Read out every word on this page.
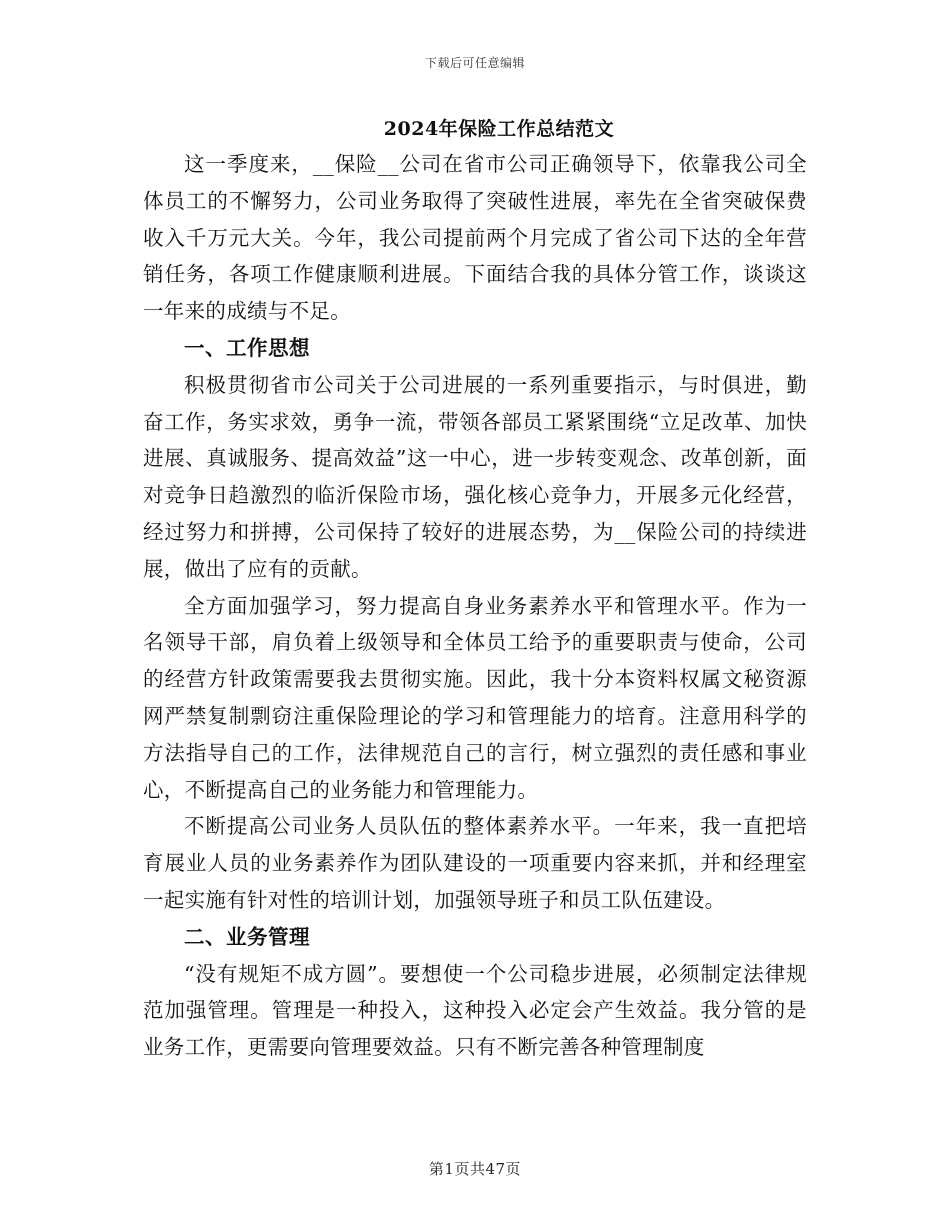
下载后可任意编辑
2024年保险工作总结范文

这一季度来，__保险__公司在省市公司正确领导下，依靠我公司全体员工的不懈努力，公司业务取得了突破性进展，率先在全省突破保费收入千万元大关。今年，我公司提前两个月完成了省公司下达的全年营销任务，各项工作健康顺利进展。下面结合我的具体分管工作，谈谈这一年来的成绩与不足。

一、工作思想

积极贯彻省市公司关于公司进展的一系列重要指示，与时俱进，勤奋工作，务实求效，勇争一流，带领各部员工紧紧围绕“立足改革、加快进展、真诚服务、提高效益”这一中心，进一步转变观念、改革创新，面对竞争日趋激烈的临沂保险市场，强化核心竞争力，开展多元化经营，经过努力和拼搏，公司保持了较好的进展态势，为__保险公司的持续进展，做出了应有的贡献。

全方面加强学习，努力提高自身业务素养水平和管理水平。作为一名领导干部，肩负着上级领导和全体员工给予的重要职责与使命，公司的经营方针政策需要我去贯彻实施。因此，我十分本资料权属文秘资源网严禁复制剽窃注重保险理论的学习和管理能力的培育。注意用科学的方法指导自己的工作，法律规范自己的言行，树立强烈的责任感和事业心，不断提高自己的业务能力和管理能力。

不断提高公司业务人员队伍的整体素养水平。一年来，我一直把培育展业人员的业务素养作为团队建设的一项重要内容来抓，并和经理室一起实施有针对性的培训计划，加强领导班子和员工队伍建设。

二、业务管理

“没有规矩不成方圆”。要想使一个公司稳步进展，必须制定法律规范加强管理。管理是一种投入，这种投入必定会产生效益。我分管的是业务工作，更需要向管理要效益。只有不断完善各种管理制度

第1页共47页
